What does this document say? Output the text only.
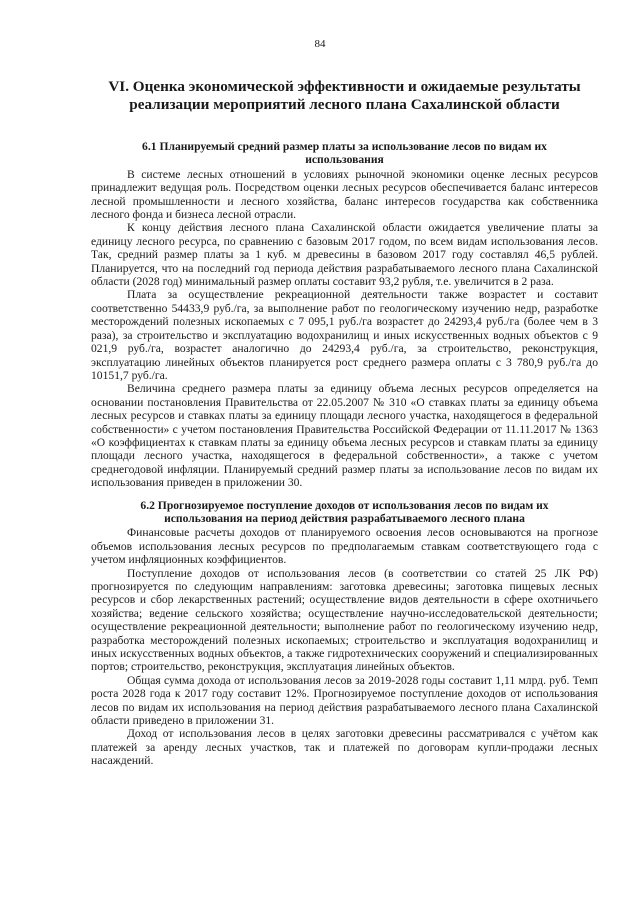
84
VI. Оценка экономической эффективности и ожидаемые результаты реализации мероприятий лесного плана Сахалинской области
6.1 Планируемый средний размер платы за использование лесов по видам их использования

В системе лесных отношений в условиях рыночной экономики оценке лесных ресурсов принадлежит ведущая роль. Посредством оценки лесных ресурсов обеспечивается баланс интересов лесной промышленности и лесного хозяйства, баланс интересов государства как собственника лесного фонда и бизнеса лесной отрасли.

К концу действия лесного плана Сахалинской области ожидается увеличение платы за единицу лесного ресурса, по сравнению с базовым 2017 годом, по всем видам использования лесов. Так, средний размер платы за 1 куб. м древесины в базовом 2017 году составлял 46,5 рублей. Планируется, что на последний год периода действия разрабатываемого лесного плана Сахалинской области (2028 год) минимальный размер оплаты составит 93,2 рубля, т.е. увеличится в 2 раза.

Плата за осуществление рекреационной деятельности также возрастет и составит соответственно 54433,9 руб./га, за выполнение работ по геологическому изучению недр, разработке месторождений полезных ископаемых с 7 095,1 руб./га возрастет до 24293,4 руб./га (более чем в 3 раза), за строительство и эксплуатацию водохранилищ и иных искусственных водных объектов с 9 021,9 руб./га, возрастет аналогично до 24293,4 руб./га, за строительство, реконструкция, эксплуатацию линейных объектов планируется рост среднего размера оплаты с 3 780,9 руб./га до 10151,7 руб./га.

Величина среднего размера платы за единицу объема лесных ресурсов определяется на основании постановления Правительства от 22.05.2007 № 310 «О ставках платы за единицу объема лесных ресурсов и ставках платы за единицу площади лесного участка, находящегося в федеральной собственности» с учетом постановления Правительства Российской Федерации от 11.11.2017 № 1363 «О коэффициентах к ставкам платы за единицу объема лесных ресурсов и ставкам платы за единицу площади лесного участка, находящегося в федеральной собственности», а также с учетом среднегодовой инфляции. Планируемый средний размер платы за использование лесов по видам их использования приведен в приложении 30.

6.2 Прогнозируемое поступление доходов от использования лесов по видам их использования на период действия разрабатываемого лесного плана

Финансовые расчеты доходов от планируемого освоения лесов основываются на прогнозе объемов использования лесных ресурсов по предполагаемым ставкам соответствующего года с учетом инфляционных коэффициентов.

Поступление доходов от использования лесов (в соответствии со статей 25 ЛК РФ) прогнозируется по следующим направлениям: заготовка древесины; заготовка пищевых лесных ресурсов и сбор лекарственных растений; осуществление видов деятельности в сфере охотничьего хозяйства; ведение сельского хозяйства; осуществление научно-исследовательской деятельности; осуществление рекреационной деятельности; выполнение работ по геологическому изучению недр, разработка месторождений полезных ископаемых; строительство и эксплуатация водохранилищ и иных искусственных водных объектов, а также гидротехнических сооружений и специализированных портов; строительство, реконструкция, эксплуатация линейных объектов.

Общая сумма дохода от использования лесов за 2019-2028 годы составит 1,11 млрд. руб. Темп роста 2028 года к 2017 году составит 12%. Прогнозируемое поступление доходов от использования лесов по видам их использования на период действия разрабатываемого лесного плана Сахалинской области приведено в приложении 31.

Доход от использования лесов в целях заготовки древесины рассматривался с учётом как платежей за аренду лесных участков, так и платежей по договорам купли-продажи лесных насаждений.
